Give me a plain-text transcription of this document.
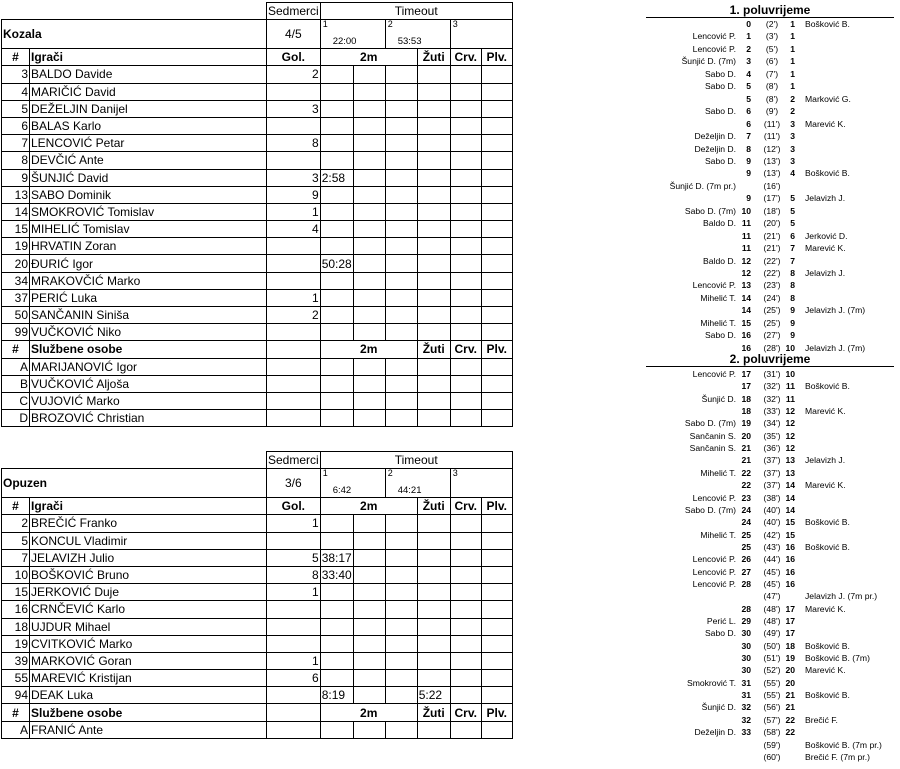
		Sedmerci	Timeout						
Kozala		4/5	1
22:00		2
53:53		3		

#	Igrači	Gol.	2m			Žuti	Crv.	Plv.	
3	BALDO Davide	2							
4	MARIČIĆ David								
5	DEŽELJIN Danijel	3							
6	BALAS Karlo								
7	LENCOVIĆ Petar	8							
8	DEVČIĆ Ante								
9	ŠUNJIĆ David	3	2:58						
13	SABO Dominik	9							
14	SMOKROVIĆ Tomislav	1							
15	MIHELIĆ Tomislav	4							
19	HRVATIN Zoran								
20	ĐURIĆ Igor		50:28						
34	MRAKOVČIĆ Marko								
37	PERIĆ Luka	1							
50	SANČANIN Siniša	2							
99	VUČKOVIĆ Niko								
#	Službene osobe		2m			Žuti	Crv.	Plv.	
A	MARIJANOVIĆ Igor								
B	VUČKOVIĆ Aljoša								
C	VUJOVIĆ Marko								
D	BROZOVIĆ Christian								
		Sedmerci	Timeout						
Opuzen		3/6	1
6:42		2
44:21		3		

#	Igrači	Gol.	2m			Žuti	Crv.	Plv.	
2	BREČIĆ Franko	1							
5	KONCUL Vladimir								
7	JELAVIZH Julio	5	38:17						
10	BOŠKOVIĆ Bruno	8	33:40						
15	JERKOVIĆ Duje	1							
16	CRNČEVIĆ Karlo								
18	UJDUR Mihael								
19	CVITKOVIĆ Marko								
39	MARKOVIĆ Goran	1							
55	MAREVIĆ Kristijan	6							
94	DEAK Luka		8:19			5:22			
#	Službene osobe		2m			Žuti	Crv.	Plv.	
A	FRANIĆ Ante								
1. poluvrijeme
2. poluvrijeme
0	(2')	1 Bošković B.
Lencović P.	1	(3')	1
Lencović P.	2	(5')	1
Šunjić D. (7m)	3	(6')	1
Sabo D.	4	(7')	1
Sabo D.	5	(8')	1
5	(8')	2 Marković G.
Sabo D.	6	(9')	2
6	(11')	3 Marević K.
Deželjin D.	7	(11')	3
Deželjin D.	8	(12')	3
Sabo D.	9	(13')	3
9	(13')	4 Bošković B.
Šunjić D. (7m pr.)	(16')
9	(17')	5 Jelavizh J.
Sabo D. (7m) 10	(18')	5
Baldo D. 11	(20')	5
11	(21')	6 Jerković D.
11	(21')	7 Marević K.
Baldo D. 12	(22')	7
12	(22')	8 Jelavizh J.
Lencović P. 13	(23')	8
Mihelić T. 14	(24')	8
14	(25')	9 Jelavizh J. (7m)
Mihelić T. 15	(25')	9
Sabo D. 16	(27')	9
16	(28') 10 Jelavizh J. (7m)
Lencović P. 17	(31') 10
17	(32') 11 Bošković B.
Šunjić D. 18	(32') 11
18	(33') 12 Marević K.
Sabo D. (7m) 19	(34') 12
Sančanin S. 20	(35') 12
Sančanin S. 21	(36') 12
21	(37') 13 Jelavizh J.
Mihelić T. 22	(37') 13
22	(37') 14 Marević K.
Lencović P. 23	(38') 14
Sabo D. (7m) 24	(40') 14
24	(40') 15 Bošković B.
Mihelić T. 25	(42') 15
25	(43') 16 Bošković B.
Lencović P. 26	(44') 16
Lencović P. 27	(45') 16
Lencović P. 28	(45') 16
(47')	Jelavizh J. (7m pr.)
28	(48') 17 Marević K.
Perić L. 29	(48') 17
Sabo D. 30	(49') 17
30	(50') 18 Bošković B.
30	(51') 19 Bošković B. (7m)
30	(52') 20 Marević K.
Smokrović T. 31	(55') 20
31	(55') 21 Bošković B.
Šunjić D. 32	(56') 21
32	(57') 22 Brečić F.
Deželjin D. 33	(58') 22
(59')	Bošković B. (7m pr.)
(60')	Brečić F. (7m pr.)
